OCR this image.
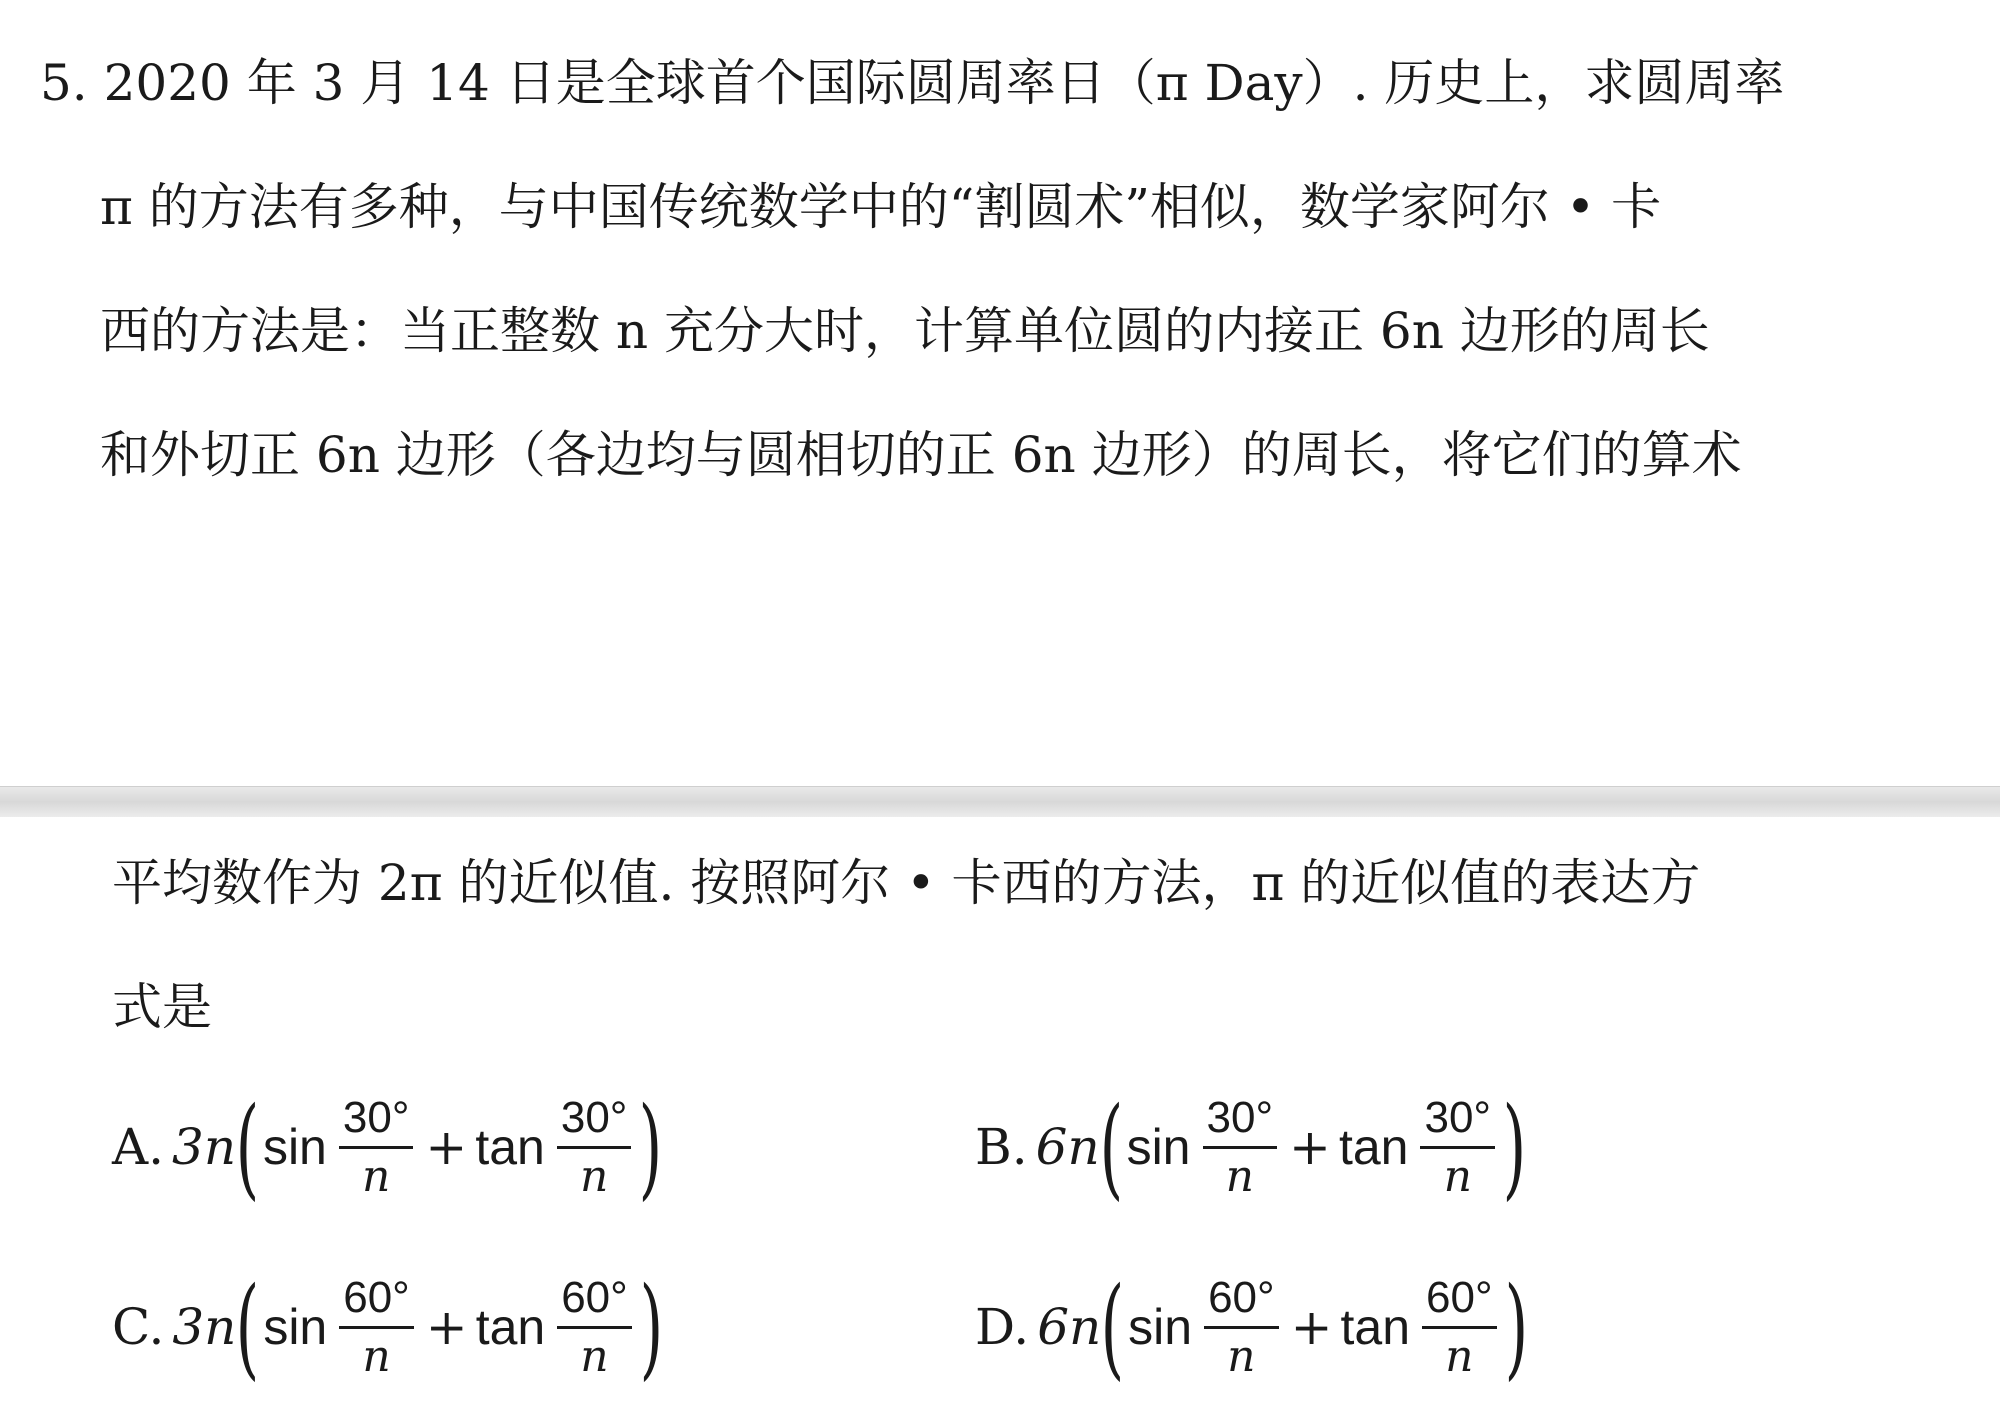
5. 2020 年 3 月 14 日是全球首个国际圆周率日（π Day）. 历史上，求圆周率
π 的方法有多种，与中国传统数学中的“割圆术”相似，数学家阿尔 • 卡
西的方法是：当正整数 n 充分大时，计算单位圆的内接正 6n 边形的周长
和外切正 6n 边形（各边均与圆相切的正 6n 边形）的周长，将它们的算术
平均数作为 2π 的近似值. 按照阿尔 • 卡西的方法，π 的近似值的表达方
式是
A. 3n ( $\sin \frac{30^\circ}{n} + \tan \frac{30^\circ}{n}$ )	B. 6n ( $\sin \frac{30^\circ}{n} + \tan \frac{30^\circ}{n}$ )
C. 3n ( $\sin \frac{60^\circ}{n} + \tan \frac{60^\circ}{n}$ )	D. 6n ( $\sin \frac{60^\circ}{n} + \tan \frac{60^\circ}{n}$ )
